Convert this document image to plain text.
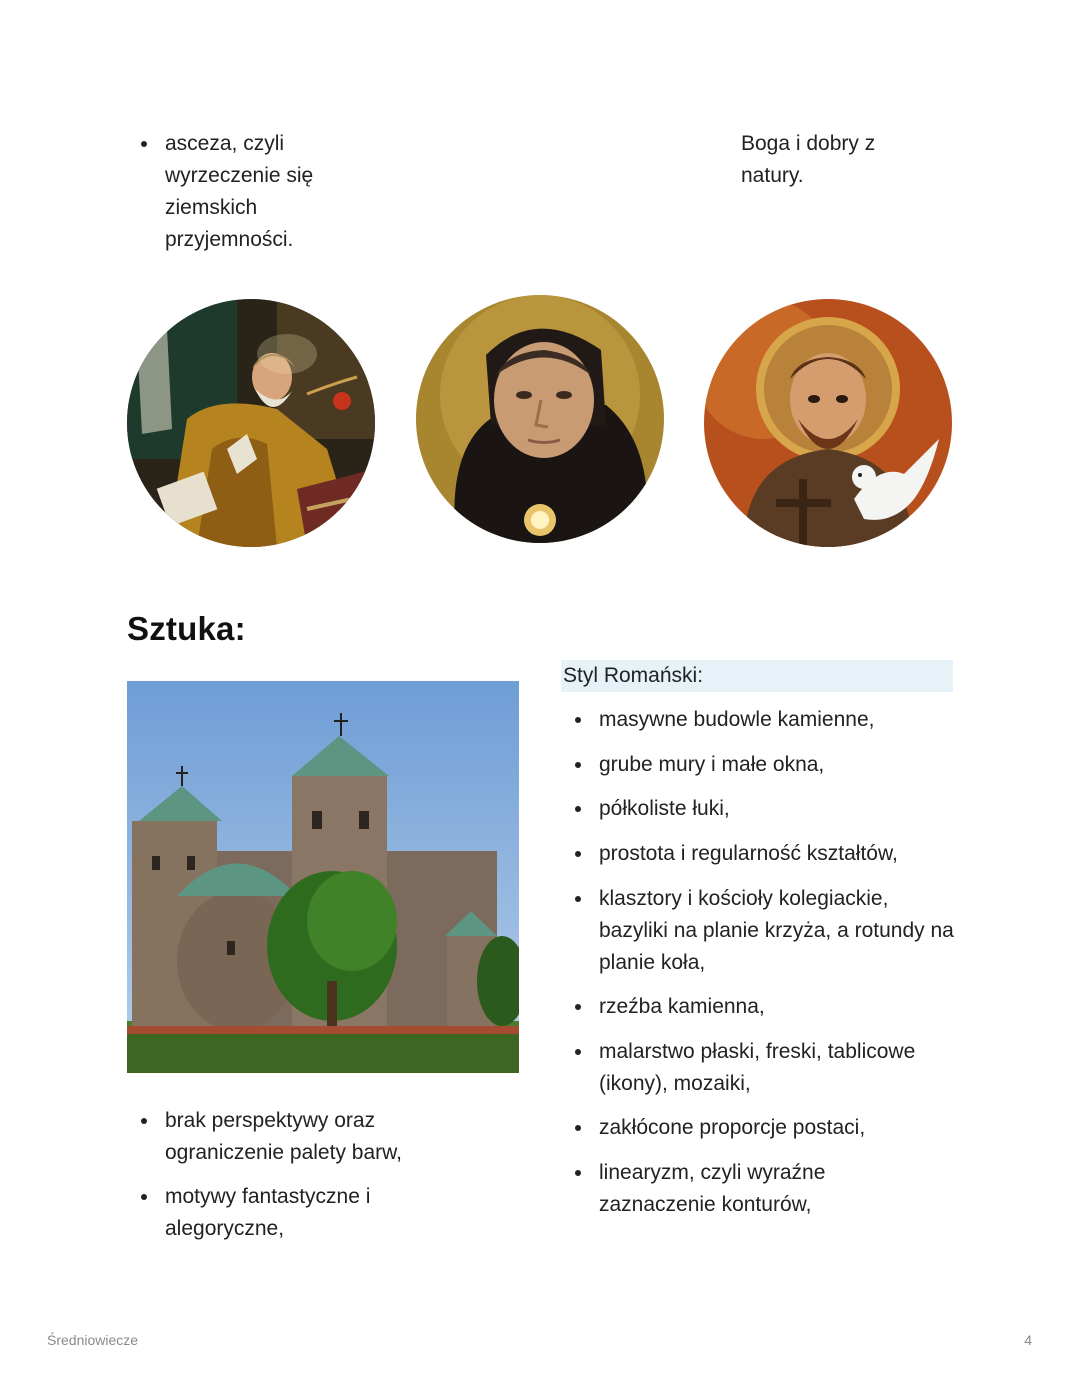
asceza, czyli wyrzeczenie się ziemskich przyjemności.
Boga i dobry z natury.
Sztuka:
Styl Romański:
masywne budowle kamienne,
grube mury i małe okna,
półkoliste łuki,
prostota i regularność kształtów,
klasztory i kościoły kolegiackie, bazyliki na planie krzyża, a rotundy na planie koła,
rzeźba kamienna,
malarstwo płaski, freski, tablicowe (ikony), mozaiki,
zakłócone proporcje postaci,
linearyzm, czyli wyraźne zaznaczenie konturów,
brak perspektywy oraz ograniczenie palety barw,
motywy fantastyczne i alegoryczne,
Średniowiecze	4
